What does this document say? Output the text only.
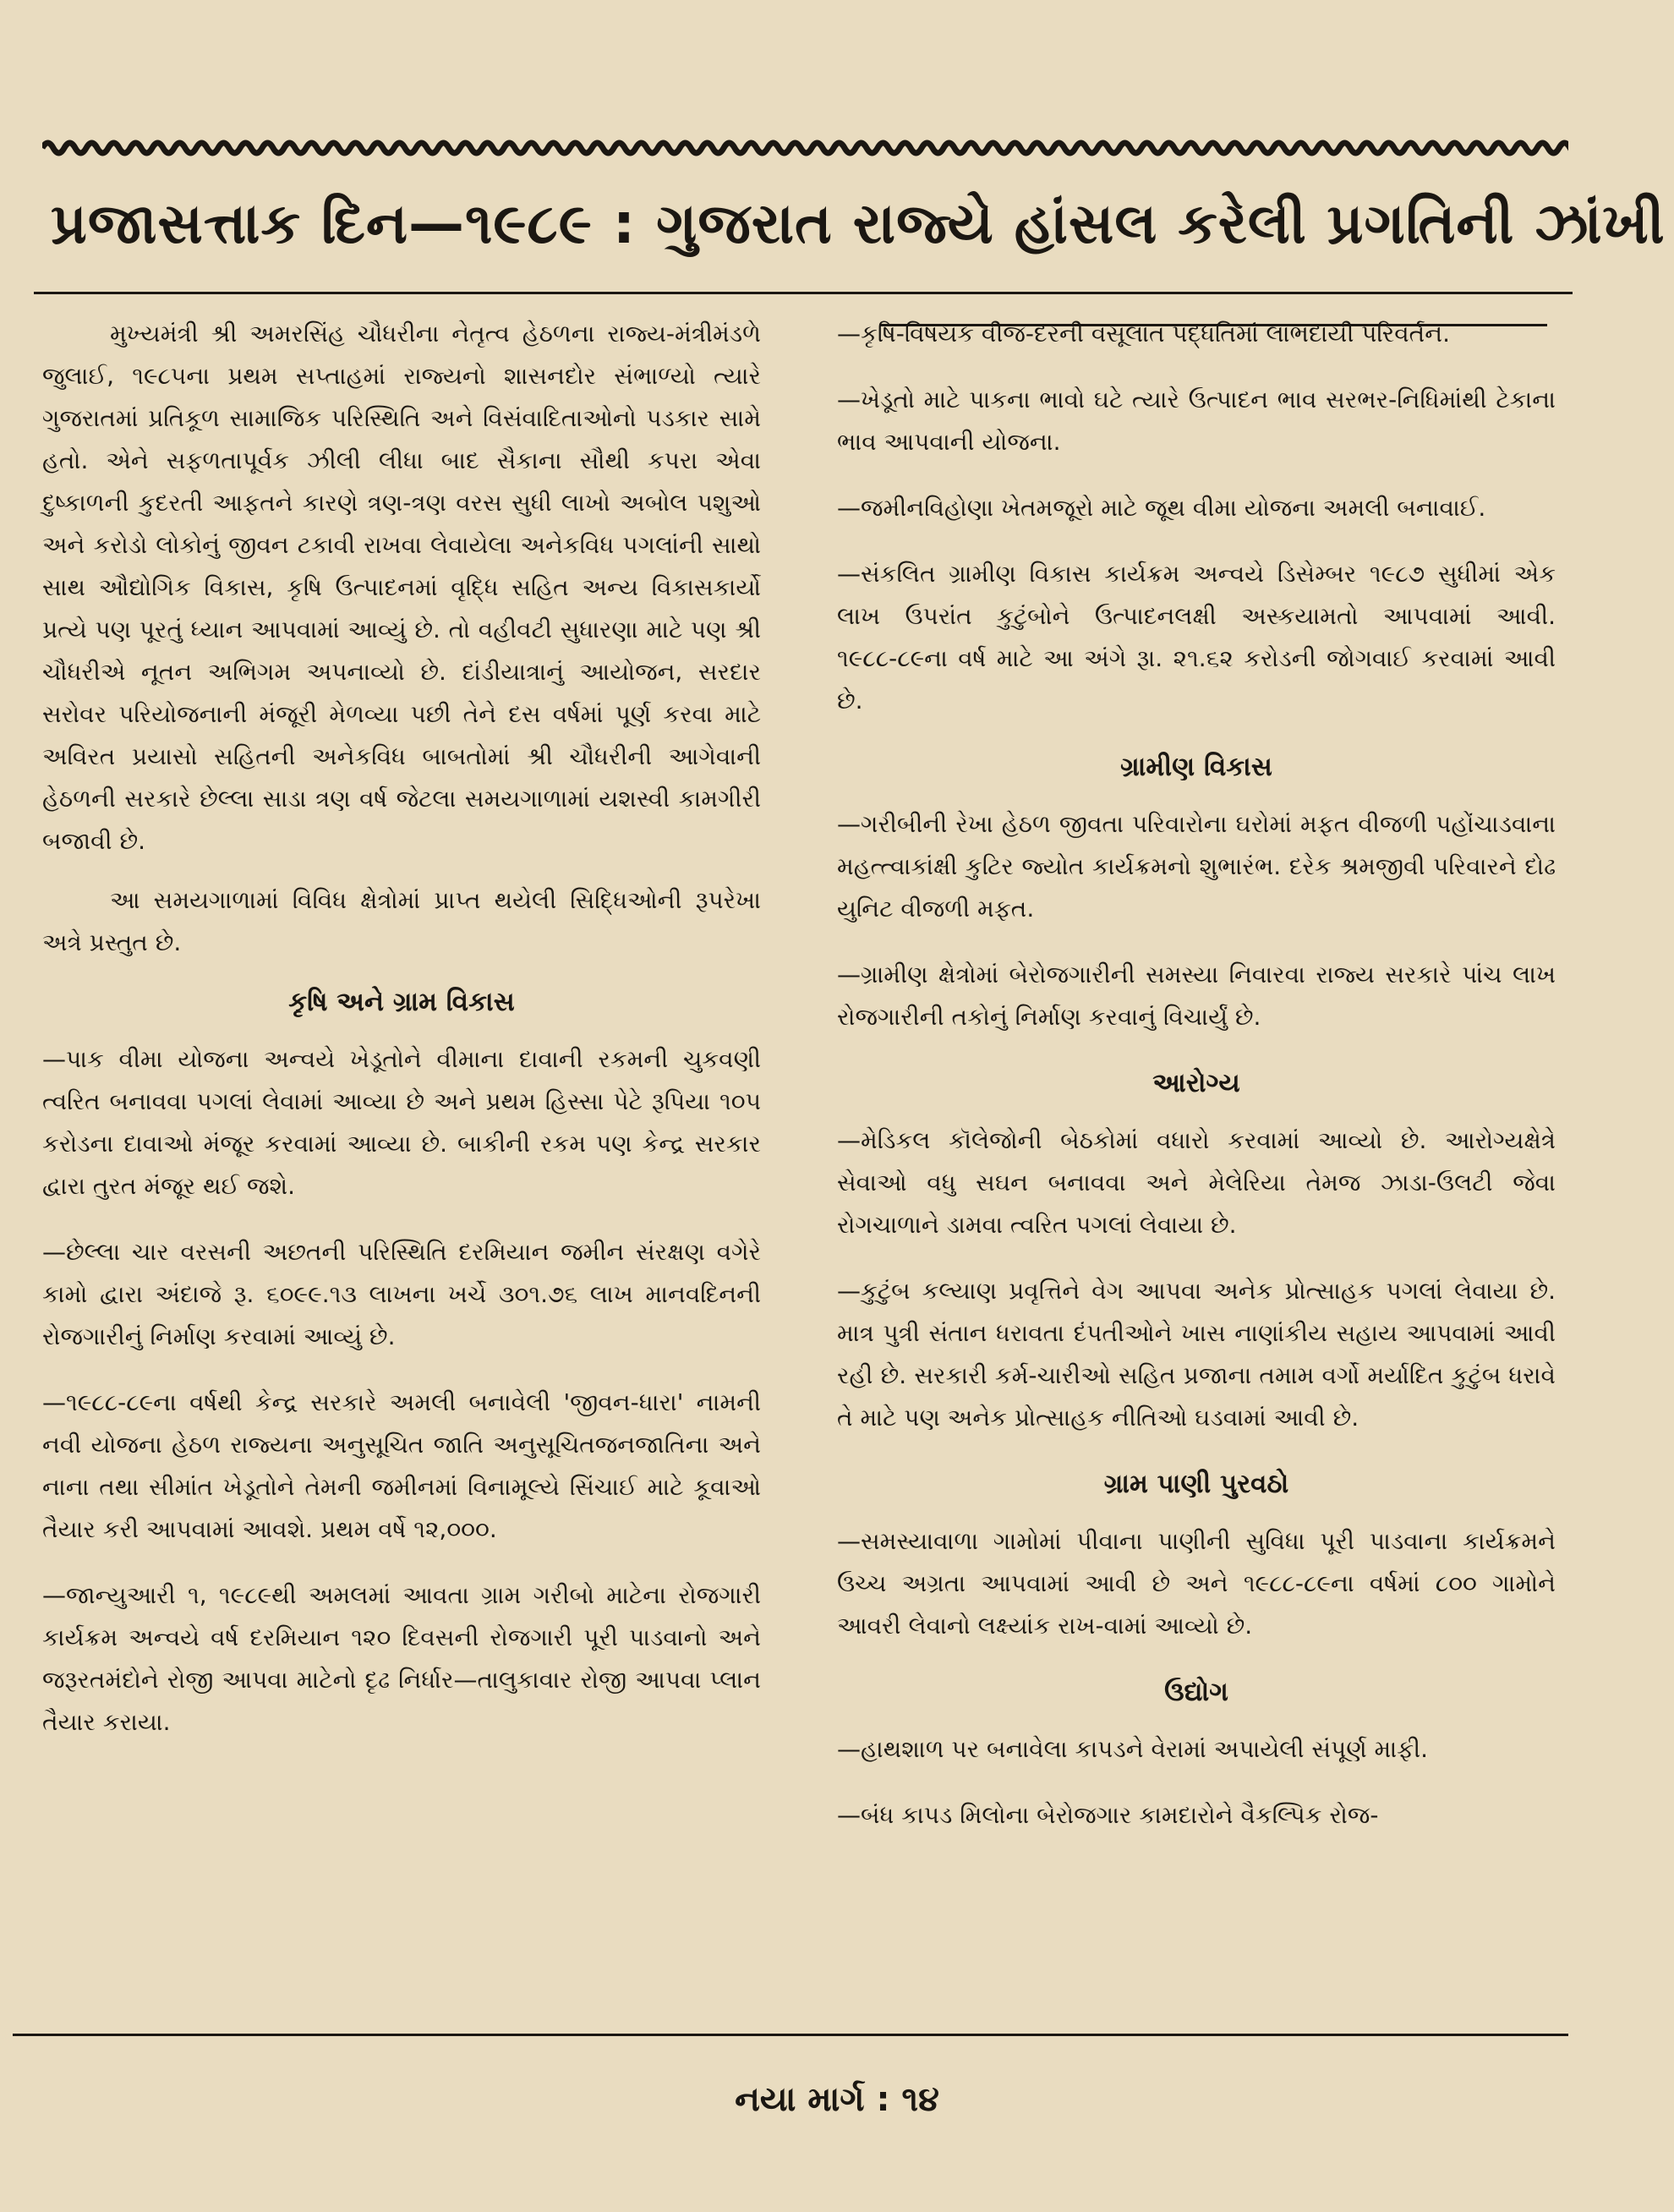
પ્રજાસત્તાક દિન—૧૯૮૯ : ગુજરાત રાજ્યે હાંસલ કરેલી પ્રગતિની ઝાંખી

મુખ્યમંત્રી શ્રી અમરસિંહ ચૌધરીના નેતૃત્વ હેઠળના રાજ્ય-મંત્રીમંડળે જુલાઈ, ૧૯૮૫ના પ્રથમ સપ્તાહમાં રાજ્યનો શાસનદોર સંભાળ્યો ત્યારે ગુજરાતમાં પ્રતિકૂળ સામાજિક પરિસ્થિતિ અને વિસંવાદિતાઓનો પડકાર સામે હતો. એને સફળતાપૂર્વક ઝીલી લીધા બાદ સૈકાના સૌથી કપરા એવા દુષ્કાળની કુદરતી આફતને કારણે ત્રણ-ત્રણ વરસ સુધી લાખો અબોલ પશુઓ અને કરોડો લોકોનું જીવન ટકાવી રાખવા લેવાયેલા અનેકવિધ પગલાંની સાથો સાથ ઔદ્યોગિક વિકાસ, કૃષિ ઉત્પાદનમાં વૃદ્ધિ સહિત અન્ય વિકાસકાર્યો પ્રત્યે પણ પૂરતું ધ્યાન આપવામાં આવ્યું છે. તો વહીવટી સુધારણા માટે પણ શ્રી ચૌધરીએ નૂતન અભિગમ અપનાવ્યો છે. દાંડીયાત્રાનું આયોજન, સરદાર સરોવર પરિયોજનાની મંજૂરી મેળવ્યા પછી તેને દસ વર્ષમાં પૂર્ણ કરવા માટે અવિરત પ્રયાસો સહિતની અનેકવિધ બાબતોમાં શ્રી ચૌધરીની આગેવાની હેઠળની સરકારે છેલ્લા સાડા ત્રણ વર્ષ જેટલા સમયગાળામાં યશસ્વી કામગીરી બજાવી છે.

આ સમયગાળામાં વિવિધ ક્ષેત્રોમાં પ્રાપ્ત થયેલી સિદ્ધિઓની રૂપરેખા અત્રે પ્રસ્તુત છે.

કૃષિ અને ગ્રામ વિકાસ

—પાક વીમા યોજના અન્વયે ખેડૂતોને વીમાના દાવાની રકમની ચુકવણી ત્વરિત બનાવવા પગલાં લેવામાં આવ્યા છે અને પ્રથમ હિસ્સા પેટે રૂપિયા ૧૦૫ કરોડના દાવાઓ મંજૂર કરવામાં આવ્યા છે. બાકીની રકમ પણ કેન્દ્ર સરકાર દ્વારા તુરત મંજૂર થઈ જશે.

—છેલ્લા ચાર વરસની અછતની પરિસ્થિતિ દરમિયાન જમીન સંરક્ષણ વગેરે કામો દ્વારા અંદાજે રૂ. ૬૦૯૯.૧૩ લાખના ખર્ચે ૩૦૧.૭૬ લાખ માનવદિનની રોજગારીનું નિર્માણ કરવામાં આવ્યું છે.

—૧૯૮૮-૮૯ના વર્ષથી કેન્દ્ર સરકારે અમલી બનાવેલી 'જીવન-ધારા' નામની નવી યોજના હેઠળ રાજ્યના અનુસૂચિત જાતિ અનુસૂચિતજનજાતિના અને નાના તથા સીમાંત ખેડૂતોને તેમની જમીનમાં વિનામૂલ્યે સિંચાઈ માટે કૂવાઓ તૈયાર કરી આપવામાં આવશે. પ્રથમ વર્ષે ૧૨,૦૦૦.

—જાન્યુઆરી ૧, ૧૯૮૯થી અમલમાં આવતા ગ્રામ ગરીબો માટેના રોજગારી કાર્યક્રમ અન્વયે વર્ષ દરમિયાન ૧૨૦ દિવસની રોજગારી પૂરી પાડવાનો અને જરૂરતમંદોને રોજી આપવા માટેનો દૃઢ નિર્ધાર—તાલુકાવાર રોજી આપવા પ્લાન તૈયાર કરાયા.

—કૃષિ-વિષયક વીજ-દરની વસૂલાત પદ્ધતિમાં લાભદાયી પરિવર્તન.

—ખેડૂતો માટે પાકના ભાવો ઘટે ત્યારે ઉત્પાદન ભાવ સરભર-નિધિમાંથી ટેકાના ભાવ આપવાની યોજના.

—જમીનવિહોણા ખેતમજૂરો માટે જૂથ વીમા યોજના અમલી બનાવાઈ.

—સંકલિત ગ્રામીણ વિકાસ કાર્યક્રમ અન્વયે ડિસેમ્બર ૧૯૮૭ સુધીમાં એક લાખ ઉપરાંત કુટુંબોને ઉત્પાદનલક્ષી અસ્કયામતો આપવામાં આવી. ૧૯૮૮-૮૯ના વર્ષ માટે આ અંગે રૂા. ૨૧.૬૨ કરોડની જોગવાઈ કરવામાં આવી છે.

ગ્રામીણ વિકાસ

—ગરીબીની રેખા હેઠળ જીવતા પરિવારોના ઘરોમાં મફત વીજળી પહોંચાડવાના મહત્ત્વાકાંક્ષી કુટિર જ્યોત કાર્યક્રમનો શુભારંભ. દરેક શ્રમજીવી પરિવારને દોઢ યુનિટ વીજળી મફત.

—ગ્રામીણ ક્ષેત્રોમાં બેરોજગારીની સમસ્યા નિવારવા રાજ્ય સરકારે પાંચ લાખ રોજગારીની તકોનું નિર્માણ કરવાનું વિચાર્યું છે.

આરોગ્ય

—મેડિકલ કૉલેજોની બેઠકોમાં વધારો કરવામાં આવ્યો છે. આરોગ્યક્ષેત્રે સેવાઓ વધુ સઘન બનાવવા અને મેલેરિયા તેમજ ઝાડા-ઉલટી જેવા રોગચાળાને ડામવા ત્વરિત પગલાં લેવાયા છે.

—કુટુંબ કલ્યાણ પ્રવૃત્તિને વેગ આપવા અનેક પ્રોત્સાહક પગલાં લેવાયા છે. માત્ર પુત્રી સંતાન ધરાવતા દંપતીઓને ખાસ નાણાંકીય સહાય આપવામાં આવી રહી છે. સરકારી કર્મ-ચારીઓ સહિત પ્રજાના તમામ વર્ગો મર્યાદિત કુટુંબ ધરાવે તે માટે પણ અનેક પ્રોત્સાહક નીતિઓ ઘડવામાં આવી છે.

ગ્રામ પાણી પુરવઠો

—સમસ્યાવાળા ગામોમાં પીવાના પાણીની સુવિધા પૂરી પાડવાના કાર્યક્રમને ઉચ્ચ અગ્રતા આપવામાં આવી છે અને ૧૯૮૮-૮૯ના વર્ષમાં ૮૦૦ ગામોને આવરી લેવાનો લક્ષ્યાંક રાખ-વામાં આવ્યો છે.

ઉદ્યોગ

—હાથશાળ પર બનાવેલા કાપડને વેરામાં અપાયેલી સંપૂર્ણ માફી.

—બંધ કાપડ મિલોના બેરોજગાર કામદારોને વૈકલ્પિક રોજ-

નયા માર્ગ : ૧૪
